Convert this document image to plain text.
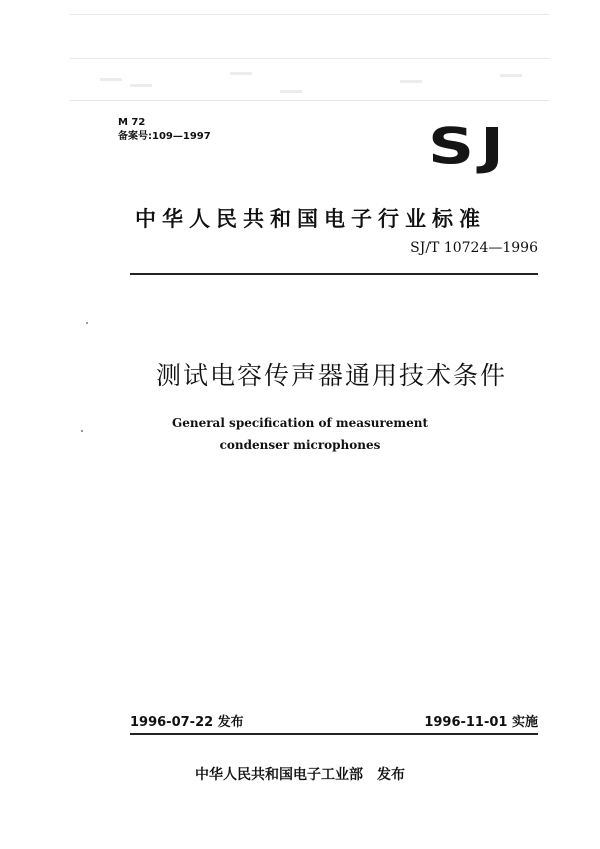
M 72
备案号:109—1997	SJ
中华人民共和国电子行业标准
SJ/T 10724—1996
测试电容传声器通用技术条件
General specification of measurement
condenser microphones
1996-07-22 发布	1996-11-01 实施
中华人民共和国电子工业部　发布
